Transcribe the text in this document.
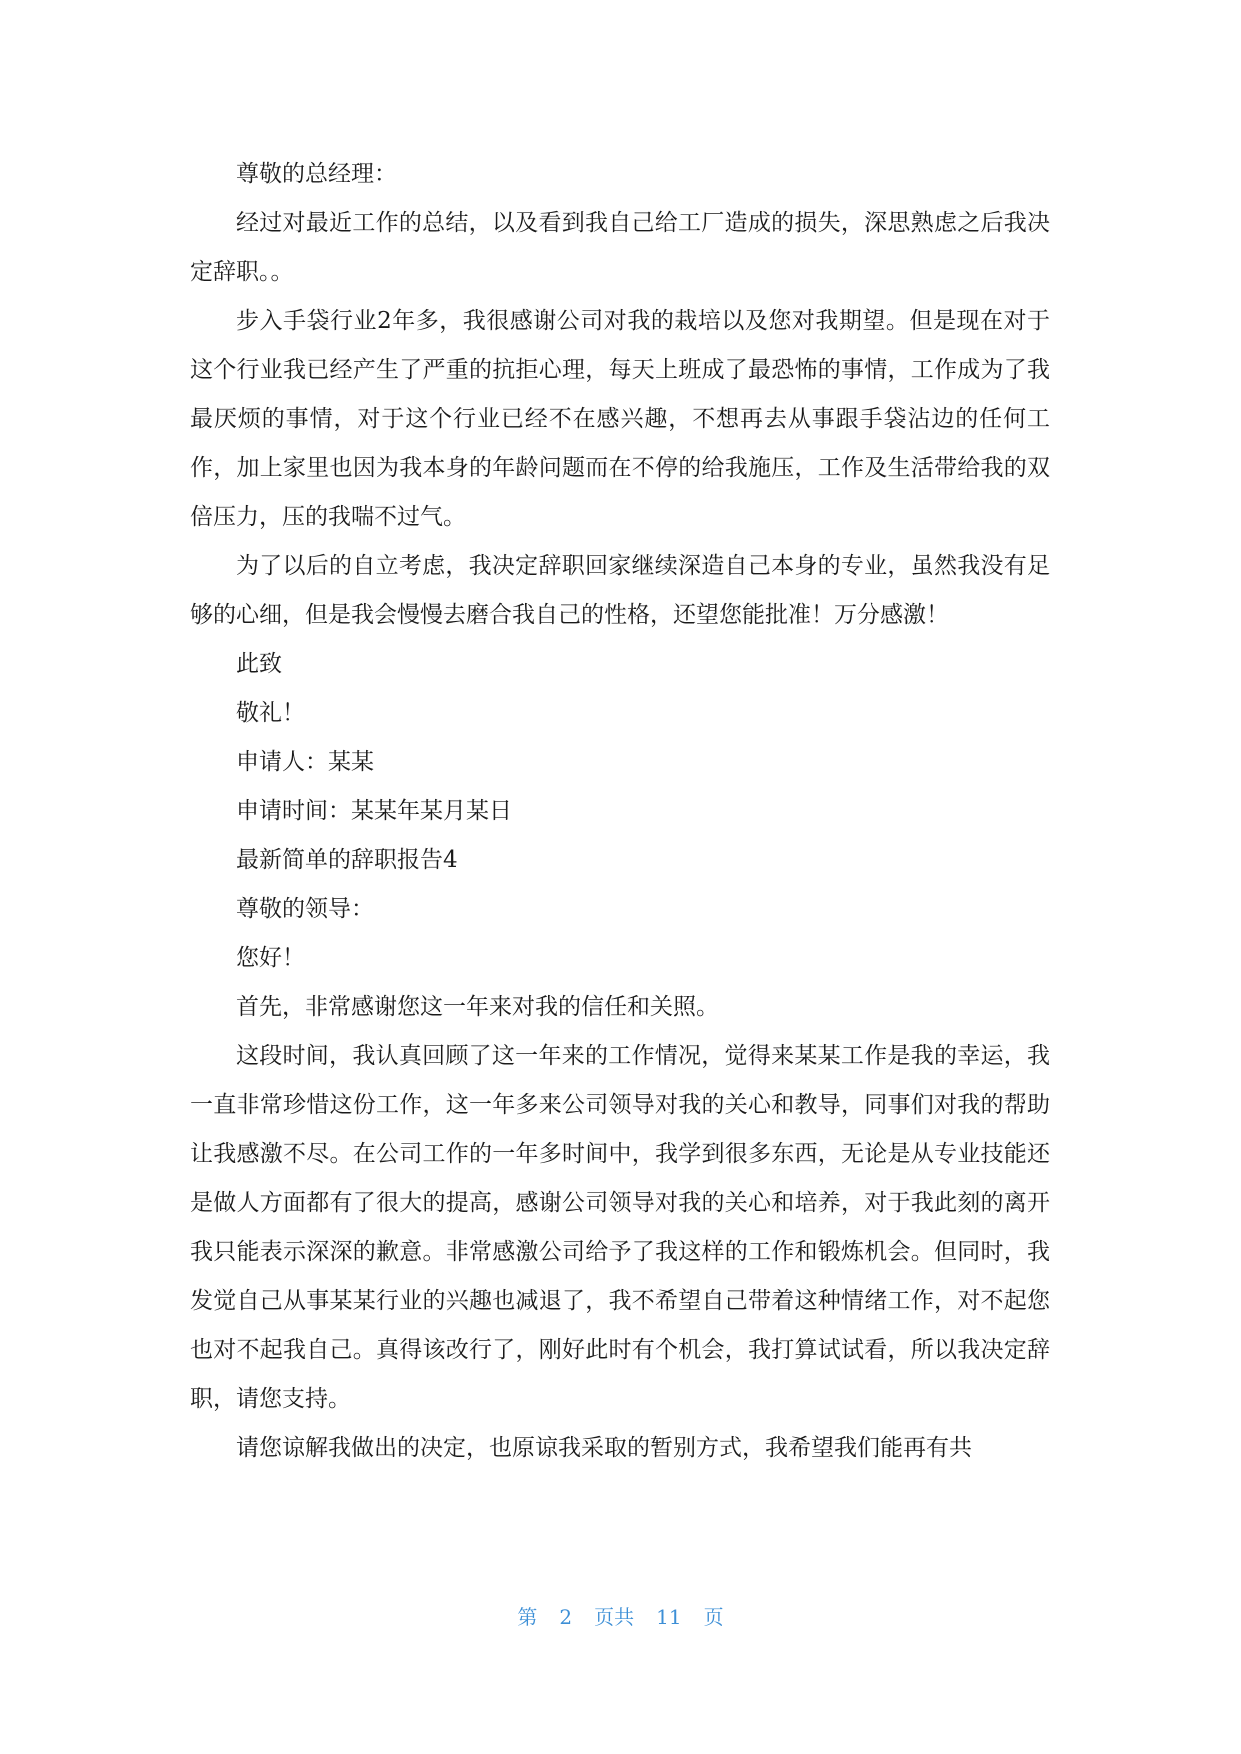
尊敬的总经理：

经过对最近工作的总结，以及看到我自己给工厂造成的损失，深思熟虑之后我决定辞职。。

步入手袋行业2年多，我很感谢公司对我的栽培以及您对我期望。但是现在对于这个行业我已经产生了严重的抗拒心理，每天上班成了最恐怖的事情，工作成为了我最厌烦的事情，对于这个行业已经不在感兴趣，不想再去从事跟手袋沾边的任何工作，加上家里也因为我本身的年龄问题而在不停的给我施压，工作及生活带给我的双倍压力，压的我喘不过气。

为了以后的自立考虑，我决定辞职回家继续深造自己本身的专业，虽然我没有足够的心细，但是我会慢慢去磨合我自己的性格，还望您能批准！万分感激！

此致

敬礼！

申请人：某某

申请时间：某某年某月某日

最新简单的辞职报告4

尊敬的领导：

您好！

首先，非常感谢您这一年来对我的信任和关照。

这段时间，我认真回顾了这一年来的工作情况，觉得来某某工作是我的幸运，我一直非常珍惜这份工作，这一年多来公司领导对我的关心和教导，同事们对我的帮助让我感激不尽。在公司工作的一年多时间中，我学到很多东西，无论是从专业技能还是做人方面都有了很大的提高，感谢公司领导对我的关心和培养，对于我此刻的离开我只能表示深深的歉意。非常感激公司给予了我这样的工作和锻炼机会。但同时，我发觉自己从事某某行业的兴趣也减退了，我不希望自己带着这种情绪工作，对不起您也对不起我自己。真得该改行了，刚好此时有个机会，我打算试试看，所以我决定辞职，请您支持。

请您谅解我做出的决定，也原谅我采取的暂别方式，我希望我们能再有共

第 2 页共 11 页
